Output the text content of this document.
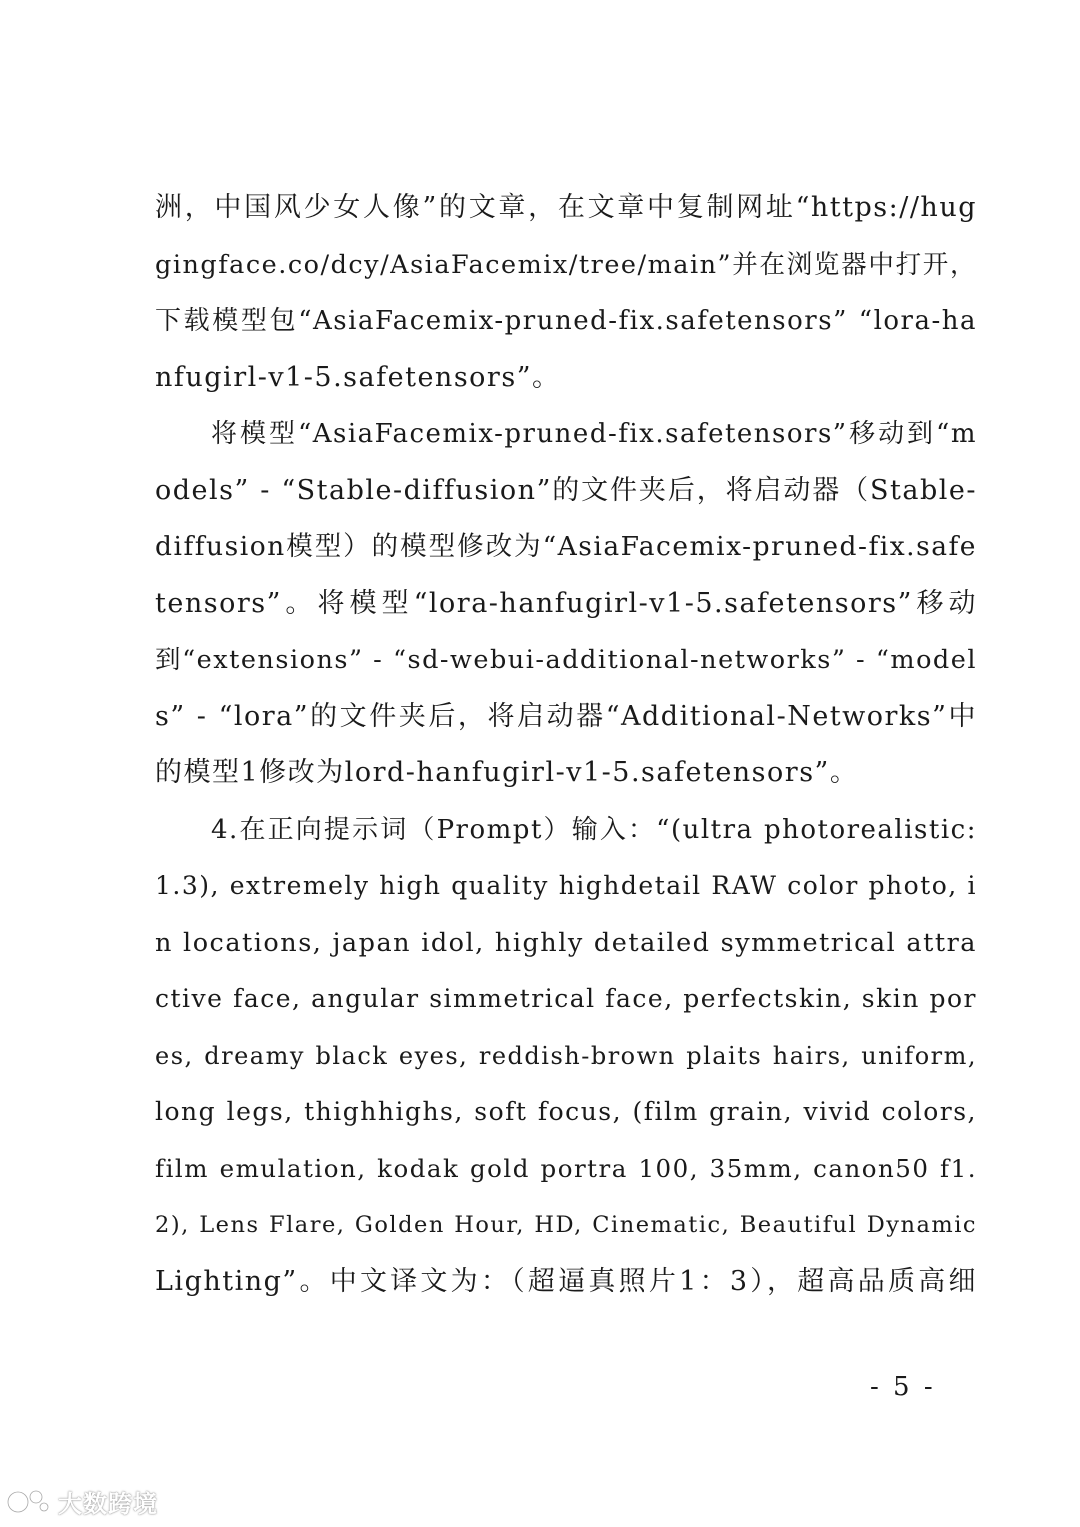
洲，中国风少女人像”的文章，在文章中复制网址“https://hug
gingface.co/dcy/AsiaFacemix/tree/main”并在浏览器中打开，
下载模型包“AsiaFacemix-pruned-fix.safetensors” “lora-ha
nfugirl-v1-5.safetensors”。
将模型“AsiaFacemix-pruned-fix.safetensors”移动到“m
odels” - “Stable-diffusion”的文件夹后，将启动器（Stable-
diffusion模型）的模型修改为“AsiaFacemix-pruned-fix.safe
tensors”。将模型“lora-hanfugirl-v1-5.safetensors”移动
到“extensions” - “sd-webui-additional-networks” - “model
s” - “lora”的文件夹后，将启动器“Additional-Networks”中
的模型1修改为lord-hanfugirl-v1-5.safetensors”。
4.在正向提示词（Prompt）输入：“(ultra photorealistic:
1.3), extremely high quality highdetail RAW color photo, i
n locations, japan idol, highly detailed symmetrical attra
ctive face, angular simmetrical face, perfectskin, skin por
es, dreamy black eyes, reddish-brown plaits hairs, uniform,
long legs, thighhighs, soft focus, (film grain, vivid colors,
film emulation, kodak gold portra 100, 35mm, canon50 f1.
2), Lens Flare, Golden Hour, HD, Cinematic, Beautiful Dynamic
Lighting”。中文译文为：（超逼真照片1：3），超高品质高细
- 5 -
大数跨境
